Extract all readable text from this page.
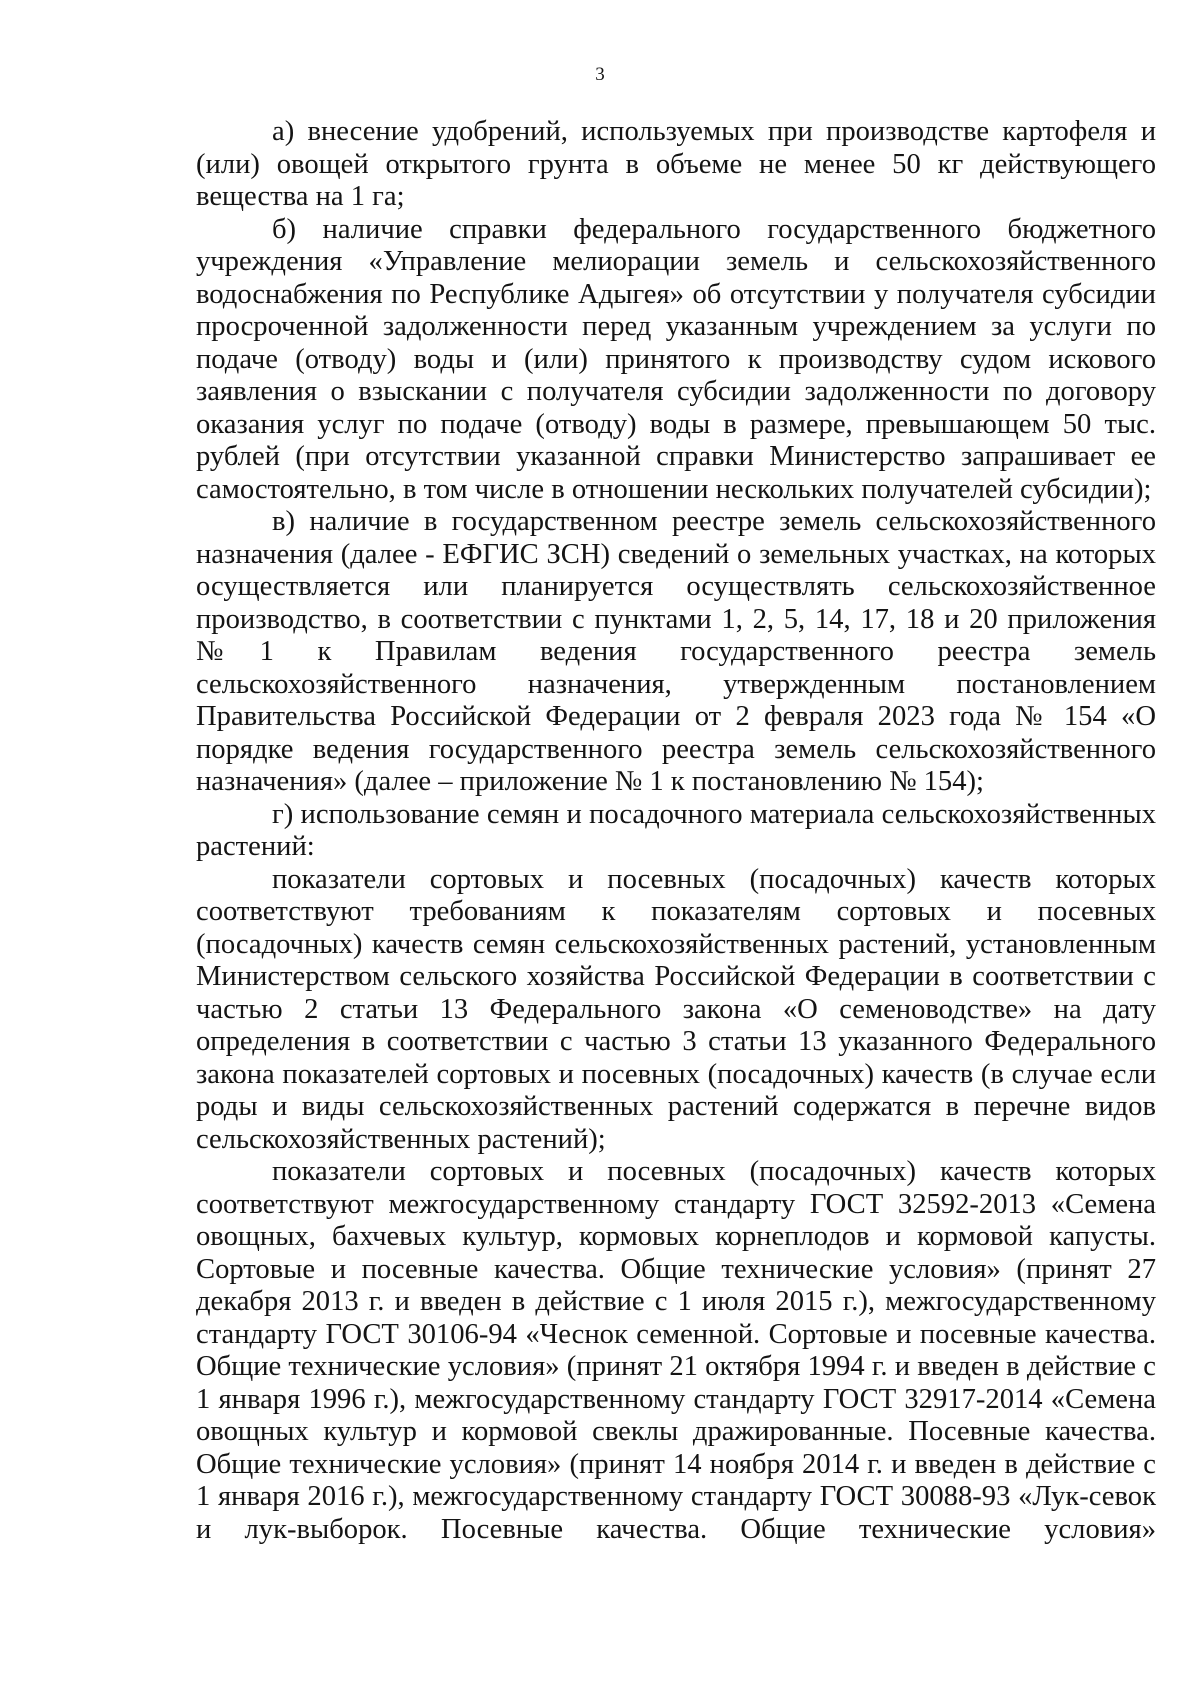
3

а) внесение удобрений, используемых при производстве картофеля и (или) овощей открытого грунта в объеме не менее 50 кг действующего вещества на 1 га;

б) наличие справки федерального государственного бюджетного учреждения «Управление мелиорации земель и сельскохозяйственного водоснабжения по Республике Адыгея» об отсутствии у получателя субсидии просроченной задолженности перед указанным учреждением за услуги по подаче (отводу) воды и (или) принятого к производству судом искового заявления о взыскании с получателя субсидии задолженности по договору оказания услуг по подаче (отводу) воды в размере, превышающем 50 тыс. рублей (при отсутствии указанной справки Министерство запрашивает ее самостоятельно, в том числе в отношении нескольких получателей субсидии);

в) наличие в государственном реестре земель сельскохозяйственного назначения (далее - ЕФГИС ЗСН) сведений о земельных участках, на которых осуществляется или планируется осуществлять сельскохозяйственное производство, в соответствии с пунктами 1, 2, 5, 14, 17, 18 и 20 приложения №1 к Правилам ведения государственного реестра земель сельскохозяйственного назначения, утвержденным постановлением Правительства Российской Федерации от 2 февраля 2023 года № 154 «О порядке ведения государственного реестра земель сельскохозяйственного назначения» (далее – приложение № 1 к постановлению № 154);

г) использование семян и посадочного материала сельскохозяйственных растений:

показатели сортовых и посевных (посадочных) качеств которых соответствуют требованиям к показателям сортовых и посевных (посадочных) качеств семян сельскохозяйственных растений, установленным Министерством сельского хозяйства Российской Федерации в соответствии с частью 2 статьи 13 Федерального закона «О семеноводстве» на дату определения в соответствии с частью 3 статьи 13 указанного Федерального закона показателей сортовых и посевных (посадочных) качеств (в случае если роды и виды сельскохозяйственных растений содержатся в перечне видов сельскохозяйственных растений);

показатели сортовых и посевных (посадочных) качеств которых соответствуют межгосударственному стандарту ГОСТ 32592-2013 «Семена овощных, бахчевых культур, кормовых корнеплодов и кормовой капусты. Сортовые и посевные качества. Общие технические условия» (принят 27 декабря 2013 г. и введен в действие с 1 июля 2015 г.), межгосударственному стандарту ГОСТ 30106-94 «Чеснок семенной. Сортовые и посевные качества. Общие технические условия» (принят 21 октября 1994 г. и введен в действие с 1 января 1996 г.), межгосударственному стандарту ГОСТ 32917-2014 «Семена овощных культур и кормовой свеклы дражированные. Посевные качества. Общие технические условия» (принят 14 ноября 2014 г. и введен в действие с 1 января 2016 г.), межгосударственному стандарту ГОСТ 30088-93 «Лук-севок и лук-выборок. Посевные качества. Общие технические условия»
